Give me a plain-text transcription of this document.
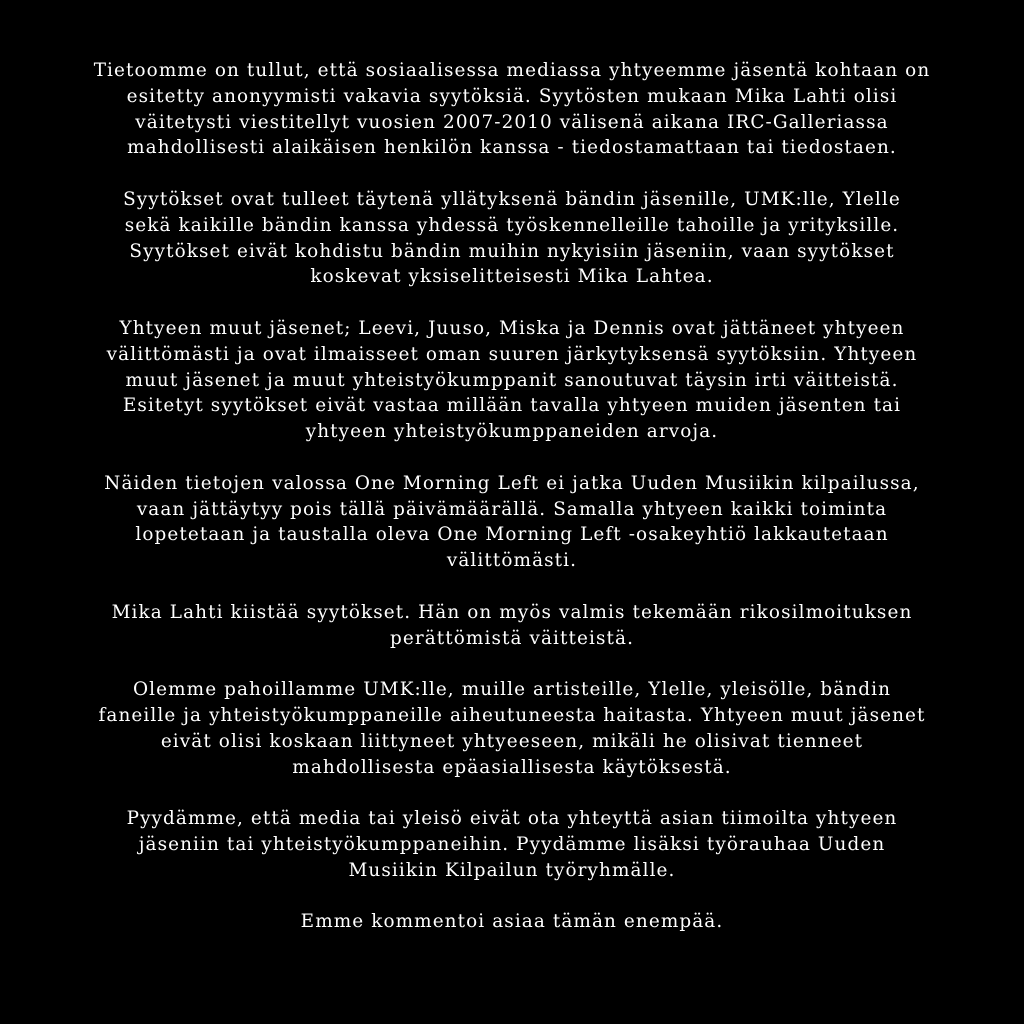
Tietoomme on tullut, että sosiaalisessa mediassa yhtyeemme jäsentä kohtaan on
esitetty anonyymisti vakavia syytöksiä. Syytösten mukaan Mika Lahti olisi
väitetysti viestitellyt vuosien 2007-2010 välisenä aikana IRC-Galleriassa
mahdollisesti alaikäisen henkilön kanssa - tiedostamattaan tai tiedostaen.
Syytökset ovat tulleet täytenä yllätyksenä bändin jäsenille, UMK:lle, Ylelle
sekä kaikille bändin kanssa yhdessä työskennelleille tahoille ja yrityksille.
Syytökset eivät kohdistu bändin muihin nykyisiin jäseniin, vaan syytökset
koskevat yksiselitteisesti Mika Lahtea.
Yhtyeen muut jäsenet; Leevi, Juuso, Miska ja Dennis ovat jättäneet yhtyeen
välittömästi ja ovat ilmaisseet oman suuren järkytyksensä syytöksiin. Yhtyeen
muut jäsenet ja muut yhteistyökumppanit sanoutuvat täysin irti väitteistä.
Esitetyt syytökset eivät vastaa millään tavalla yhtyeen muiden jäsenten tai
yhtyeen yhteistyökumppaneiden arvoja.
Näiden tietojen valossa One Morning Left ei jatka Uuden Musiikin kilpailussa,
vaan jättäytyy pois tällä päivämäärällä. Samalla yhtyeen kaikki toiminta
lopetetaan ja taustalla oleva One Morning Left -osakeyhtiö lakkautetaan
välittömästi.
Mika Lahti kiistää syytökset. Hän on myös valmis tekemään rikosilmoituksen
perättömistä väitteistä.
Olemme pahoillamme UMK:lle, muille artisteille, Ylelle, yleisölle, bändin
faneille ja yhteistyökumppaneille aiheutuneesta haitasta. Yhtyeen muut jäsenet
eivät olisi koskaan liittyneet yhtyeeseen, mikäli he olisivat tienneet
mahdollisesta epäasiallisesta käytöksestä.
Pyydämme, että media tai yleisö eivät ota yhteyttä asian tiimoilta yhtyeen
jäseniin tai yhteistyökumppaneihin. Pyydämme lisäksi työrauhaa Uuden
Musiikin Kilpailun työryhmälle.
Emme kommentoi asiaa tämän enempää.
